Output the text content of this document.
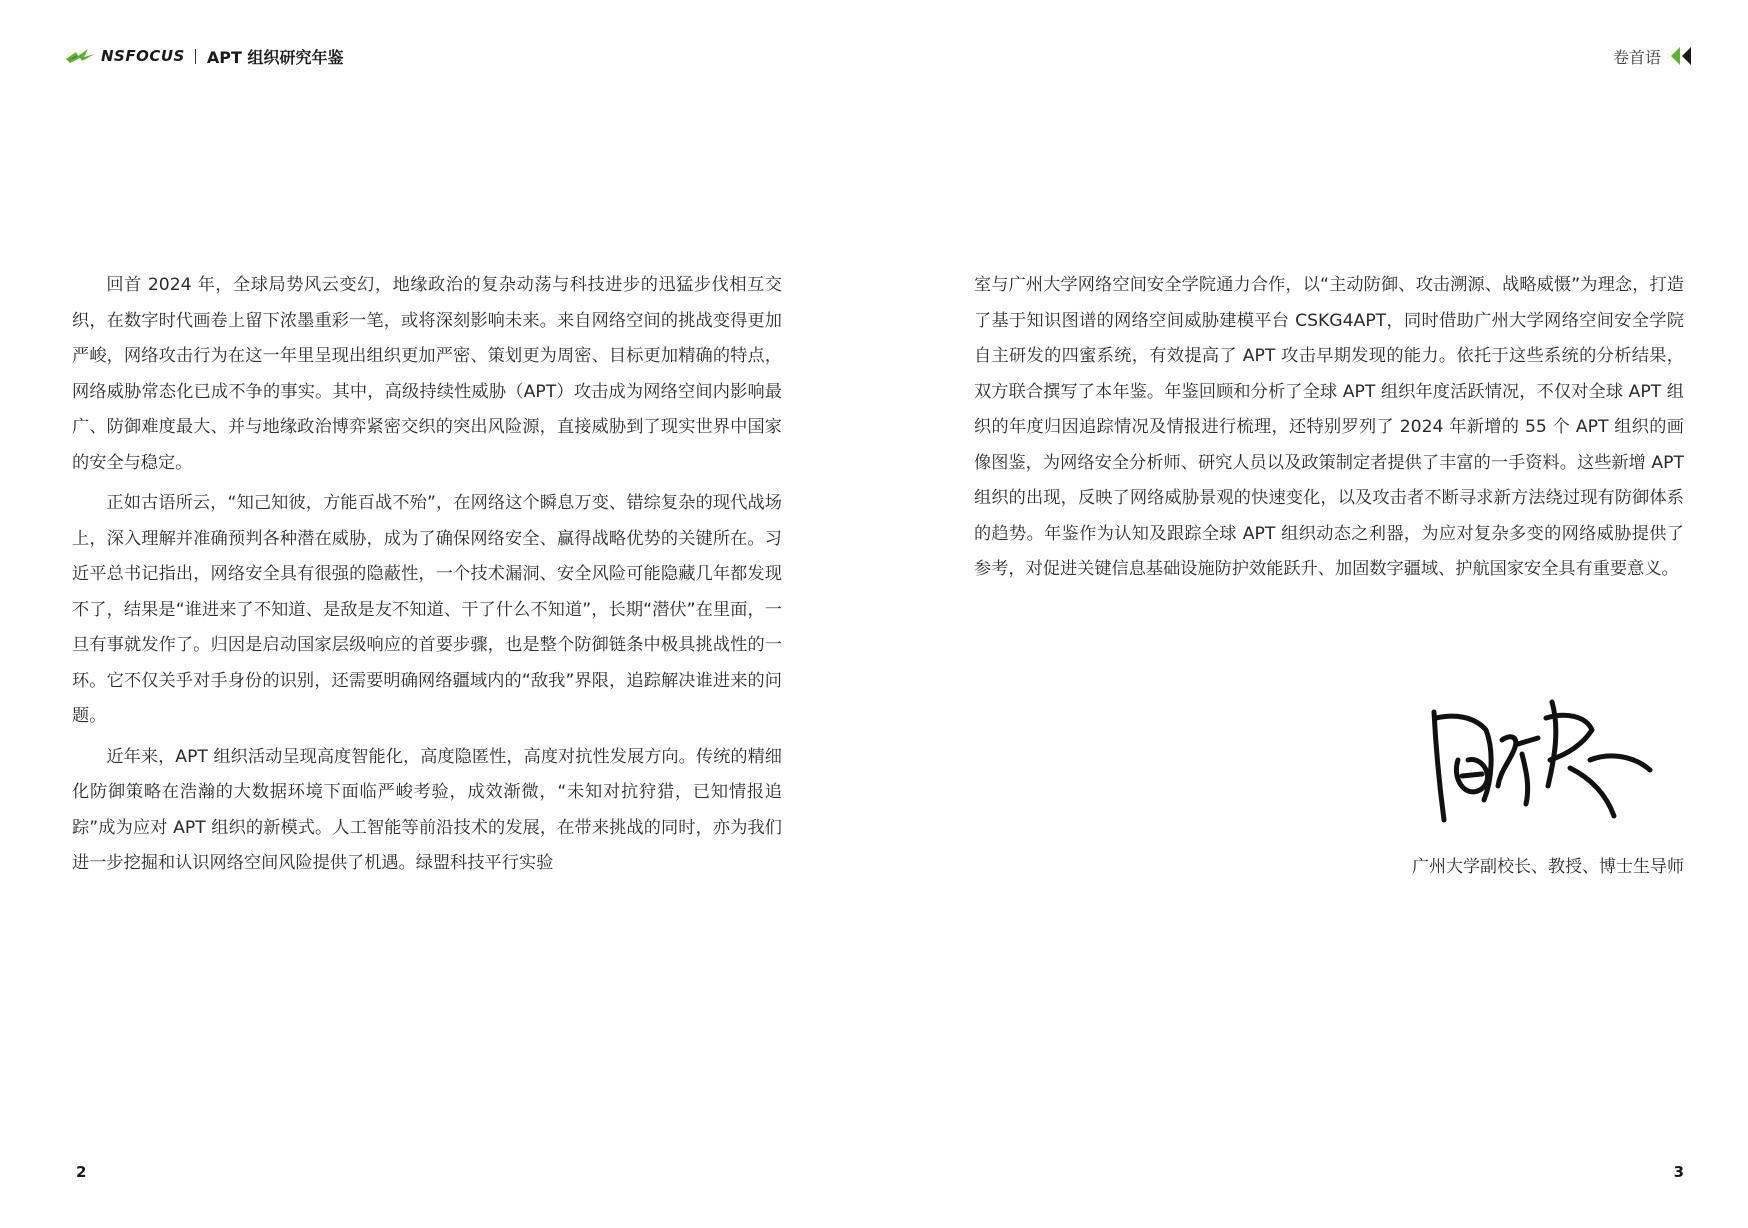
NSFOCUS APT 组织研究年鉴

回首 2024 年，全球局势风云变幻，地缘政治的复杂动荡与科技进步的迅猛步伐相互交织，在数字时代画卷上留下浓墨重彩一笔，或将深刻影响未来。来自网络空间的挑战变得更加严峻，网络攻击行为在这一年里呈现出组织更加严密、策划更为周密、目标更加精确的特点，网络威胁常态化已成不争的事实。其中，高级持续性威胁（APT）攻击成为网络空间内影响最广、防御难度最大、并与地缘政治博弈紧密交织的突出风险源，直接威胁到了现实世界中国家的安全与稳定。

正如古语所云，“知己知彼，方能百战不殆”，在网络这个瞬息万变、错综复杂的现代战场上，深入理解并准确预判各种潜在威胁，成为了确保网络安全、赢得战略优势的关键所在。习近平总书记指出，网络安全具有很强的隐蔽性，一个技术漏洞、安全风险可能隐藏几年都发现不了，结果是“谁进来了不知道、是敌是友不知道、干了什么不知道”，长期“潜伏”在里面，一旦有事就发作了。归因是启动国家层级响应的首要步骤，也是整个防御链条中极具挑战性的一环。它不仅关乎对手身份的识别，还需要明确网络疆域内的“敌我”界限，追踪解决谁进来的问题。

近年来，APT 组织活动呈现高度智能化，高度隐匿性，高度对抗性发展方向。传统的精细化防御策略在浩瀚的大数据环境下面临严峻考验，成效渐微，“未知对抗狩猎，已知情报追踪”成为应对 APT 组织的新模式。人工智能等前沿技术的发展，在带来挑战的同时，亦为我们进一步挖掘和认识网络空间风险提供了机遇。绿盟科技平行实验

2
卷首语

室与广州大学网络空间安全学院通力合作，以“主动防御、攻击溯源、战略威慑”为理念，打造了基于知识图谱的网络空间威胁建模平台 CSKG4APT，同时借助广州大学网络空间安全学院自主研发的四蜜系统，有效提高了 APT 攻击早期发现的能力。依托于这些系统的分析结果，双方联合撰写了本年鉴。年鉴回顾和分析了全球 APT 组织年度活跃情况，不仅对全球 APT 组织的年度归因追踪情况及情报进行梳理，还特别罗列了 2024 年新增的 55 个 APT 组织的画像图鉴，为网络安全分析师、研究人员以及政策制定者提供了丰富的一手资料。这些新增 APT 组织的出现，反映了网络威胁景观的快速变化，以及攻击者不断寻求新方法绕过现有防御体系的趋势。年鉴作为认知及跟踪全球 APT 组织动态之利器，为应对复杂多变的网络威胁提供了参考，对促进关键信息基础设施防护效能跃升、加固数字疆域、护航国家安全具有重要意义。

广州大学副校长、教授、博士生导师
3
